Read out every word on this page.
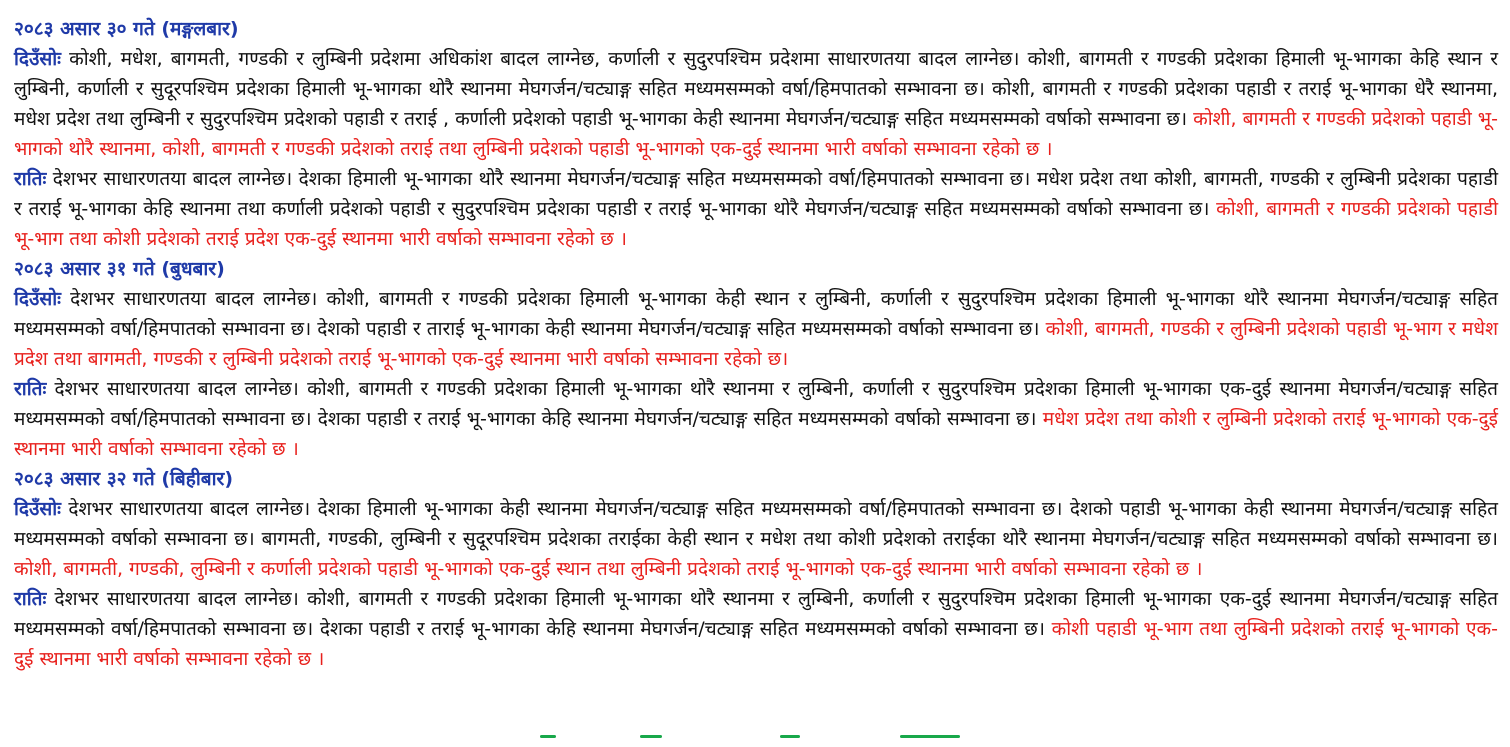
२०८३ असार ३० गते (मङ्गलबार)

दिउँसोः कोशी, मधेश, बागमती, गण्डकी र लुम्बिनी प्रदेशमा अधिकांश बादल लाग्नेछ, कर्णाली र सुदुरपश्चिम प्रदेशमा साधारणतया बादल लाग्नेछ। कोशी, बागमती र गण्डकी प्रदेशका हिमाली भू-भागका केहि स्थान र लुम्बिनी, कर्णाली र सुदूरपश्चिम प्रदेशका हिमाली भू-भागका थोरै स्थानमा मेघगर्जन/चट्याङ्ग सहित मध्यमसम्मको वर्षा/हिमपातको सम्भावना छ। कोशी, बागमती र गण्डकी प्रदेशका पहाडी र तराई भू-भागका धेरै स्थानमा, मधेश प्रदेश तथा लुम्बिनी र सुदुरपश्चिम प्रदेशको पहाडी र तराई , कर्णाली प्रदेशको पहाडी भू-भागका केही स्थानमा मेघगर्जन/चट्याङ्ग सहित मध्यमसम्मको वर्षाको सम्भावना छ। कोशी, बागमती र गण्डकी प्रदेशको पहाडी भू-भागको थोरै स्थानमा, कोशी, बागमती र गण्डकी प्रदेशको तराई तथा लुम्बिनी प्रदेशको पहाडी भू-भागको एक-दुई स्थानमा भारी वर्षाको सम्भावना रहेको छ ।

रातिः देशभर साधारणतया बादल लाग्नेछ। देशका हिमाली भू-भागका थोरै स्थानमा मेघगर्जन/चट्याङ्ग सहित मध्यमसम्मको वर्षा/हिमपातको सम्भावना छ। मधेश प्रदेश तथा कोशी, बागमती, गण्डकी र लुम्बिनी प्रदेशका पहाडी र तराई भू-भागका केहि स्थानमा तथा कर्णाली प्रदेशको पहाडी र सुदुरपश्चिम प्रदेशका पहाडी र तराई भू-भागका थोरै मेघगर्जन/चट्याङ्ग सहित मध्यमसम्मको वर्षाको सम्भावना छ। कोशी, बागमती र गण्डकी प्रदेशको पहाडी भू-भाग तथा कोशी प्रदेशको तराई प्रदेश एक-दुई स्थानमा भारी वर्षाको सम्भावना रहेको छ ।

२०८३ असार ३१ गते (बुधबार)

दिउँसोः देशभर साधारणतया बादल लाग्नेछ। कोशी, बागमती र गण्डकी प्रदेशका हिमाली भू-भागका केही स्थान र लुम्बिनी, कर्णाली र सुदुरपश्चिम प्रदेशका हिमाली भू-भागका थोरै स्थानमा मेघगर्जन/चट्याङ्ग सहित मध्यमसम्मको वर्षा/हिमपातको सम्भावना छ। देशको पहाडी र ताराई भू-भागका केही स्थानमा मेघगर्जन/चट्याङ्ग सहित मध्यमसम्मको वर्षाको सम्भावना छ। कोशी, बागमती, गण्डकी र लुम्बिनी प्रदेशको पहाडी भू-भाग र मधेश प्रदेश तथा बागमती, गण्डकी र लुम्बिनी प्रदेशको तराई भू-भागको एक-दुई स्थानमा भारी वर्षाको सम्भावना रहेको छ।

रातिः देशभर साधारणतया बादल लाग्नेछ। कोशी, बागमती र गण्डकी प्रदेशका हिमाली भू-भागका थोरै स्थानमा र लुम्बिनी, कर्णाली र सुदुरपश्चिम प्रदेशका हिमाली भू-भागका एक-दुई स्थानमा मेघगर्जन/चट्याङ्ग सहित मध्यमसम्मको वर्षा/हिमपातको सम्भावना छ। देशका पहाडी र तराई भू-भागका केहि स्थानमा मेघगर्जन/चट्याङ्ग सहित मध्यमसम्मको वर्षाको सम्भावना छ। मधेश प्रदेश तथा कोशी र लुम्बिनी प्रदेशको तराई भू-भागको एक-दुई स्थानमा भारी वर्षाको सम्भावना रहेको छ ।

२०८३ असार ३२ गते (बिहीबार)

दिउँसोः देशभर साधारणतया बादल लाग्नेछ। देशका हिमाली भू-भागका केही स्थानमा मेघगर्जन/चट्याङ्ग सहित मध्यमसम्मको वर्षा/हिमपातको सम्भावना छ। देशको पहाडी भू-भागका केही स्थानमा मेघगर्जन/चट्याङ्ग सहित मध्यमसम्मको वर्षाको सम्भावना छ। बागमती, गण्डकी, लुम्बिनी र सुदूरपश्चिम प्रदेशका तराईका केही स्थान र मधेश तथा कोशी प्रदेशको तराईका थोरै स्थानमा मेघगर्जन/चट्याङ्ग सहित मध्यमसम्मको वर्षाको सम्भावना छ। कोशी, बागमती, गण्डकी, लुम्बिनी र कर्णाली प्रदेशको पहाडी भू-भागको एक-दुई स्थान तथा लुम्बिनी प्रदेशको तराई भू-भागको एक-दुई स्थानमा भारी वर्षाको सम्भावना रहेको छ ।

रातिः देशभर साधारणतया बादल लाग्नेछ। कोशी, बागमती र गण्डकी प्रदेशका हिमाली भू-भागका थोरै स्थानमा र लुम्बिनी, कर्णाली र सुदुरपश्चिम प्रदेशका हिमाली भू-भागका एक-दुई स्थानमा मेघगर्जन/चट्याङ्ग सहित मध्यमसम्मको वर्षा/हिमपातको सम्भावना छ। देशका पहाडी र तराई भू-भागका केहि स्थानमा मेघगर्जन/चट्याङ्ग सहित मध्यमसम्मको वर्षाको सम्भावना छ। कोशी पहाडी भू-भाग तथा लुम्बिनी प्रदेशको तराई भू-भागको एक-दुई स्थानमा भारी वर्षाको सम्भावना रहेको छ ।
